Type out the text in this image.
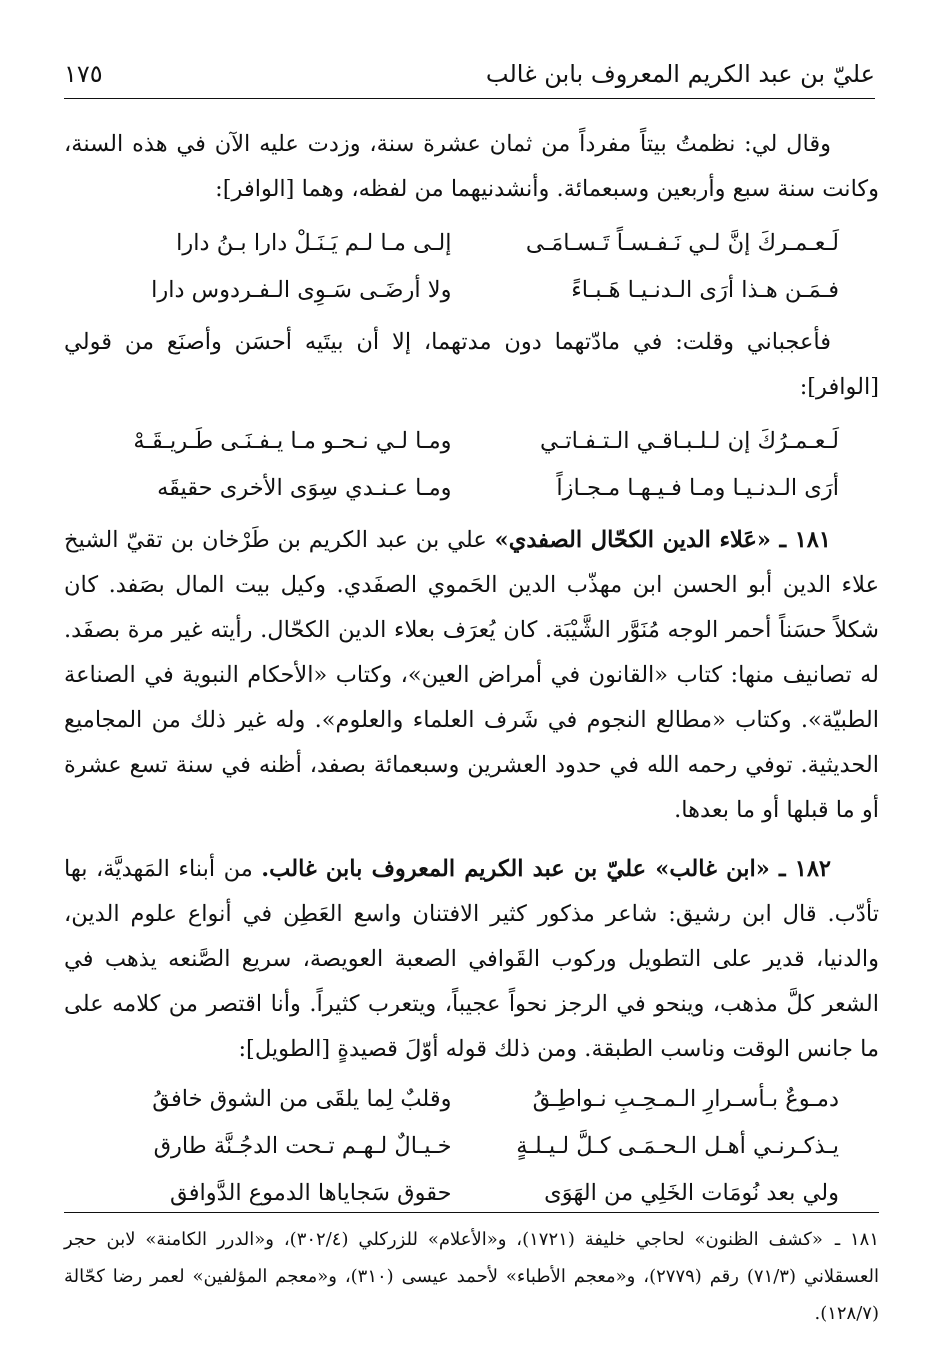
عليّ بن عبد الكريم المعروف بابن غالب
١٧٥

وقال لي: نظمتُ بيتاً مفرداً من ثمان عشرة سنة، وزدت عليه الآن في هذه السنة، وكانت سنة سبع وأربعين وسبعمائة. وأنشدنيهما من لفظه، وهما [الوافر]:

لَـعـمـركَ إنَّ لـي نَـفـسـاً تَـسـامَـى
إلـى مـا لـم يَـنَـلْ دارا بـنُ دارا
فـمَـن هـذا أرَى الـدنـيـا هَـبـاءً
ولا أرضَـى سَـوِى الـفـردوس دارا

فأعجباني وقلت: في مادّتهما دون مدتهما، إلا أن بيتَيه أحسَن وأصنَع من قولي [الوافر]:

لَـعـمـرُكَ إن لـلـبـاقـي الـتـفـاتـي
ومـا لـي نـحـو مـا يـفـنَـى طَـريـقَـهْ
أرَى الـدنـيـا ومـا فـيـهـا مـجـازاً
ومـا عـنـدي سِوَى الأخرى حقيقَه

١٨١ ـ «عَلاء الدين الكحّال الصفدي» علي بن عبد الكريم بن طَرْخان بن تقيّ الشيخ علاء الدين أبو الحسن ابن مهذّب الدين الحَموي الصفَدي. وكيل بيت المال بصَفد. كان شكلاً حسَناً أحمر الوجه مُنَوَّر الشَّيْبَة. كان يُعرَف بعلاء الدين الكحّال. رأيته غير مرة بصفَد. له تصانيف منها: كتاب «القانون في أمراض العين»، وكتاب «الأحكام النبوية في الصناعة الطبيّة». وكتاب «مطالع النجوم في شَرف العلماء والعلوم». وله غير ذلك من المجاميع الحديثية. توفي رحمه الله في حدود العشرين وسبعمائة بصفد، أظنه في سنة تسع عشرة أو ما قبلها أو ما بعدها.

١٨٢ ـ «ابن غالب» عليّ بن عبد الكريم المعروف بابن غالب. من أبناء المَهديَّة، بها تأدّب. قال ابن رشيق: شاعر مذكور كثير الافتنان واسع العَطِن في أنواع علوم الدين، والدنيا، قدير على التطويل وركوب القَوافي الصعبة العويصة، سريع الصَّنعه يذهب في الشعر كلَّ مذهب، وينحو في الرجز نحواً عجيباً، ويتعرب كثيراً. وأنا اقتصر من كلامه على ما جانس الوقت وناسب الطبقة. ومن ذلك قوله أوّلَ قصيدةٍ [الطويل]:

دمـوعٌ بـأسـرارِ الـمـحِـبِ نـواطِـقُ
وقلبٌ لِما يلقَى من الشوق خافقُ
يـذكـرنـي أهـل الـحـمَـى كـلَّ لـيـلـةٍ
خـيـالٌ لـهـم تـحت الدجُـنَّة طارق
ولي بعد نُومَات الخَلِي من الهَوَى
حقوق سَجاياها الدموع الدَّوافق

١٨١ ـ«كشف الظنون» لحاجي خليفة (١٧٢١)، و«الأعلام» للزركلي (٣٠٢/٤)، و«الدرر الكامنة» لابن حجر العسقلاني (٧١/٣) رقم (٢٧٧٩)، و«معجم الأطباء» لأحمد عيسى (٣١٠)، و«معجم المؤلفين» لعمر رضا كحّالة (١٢٨/٧).
